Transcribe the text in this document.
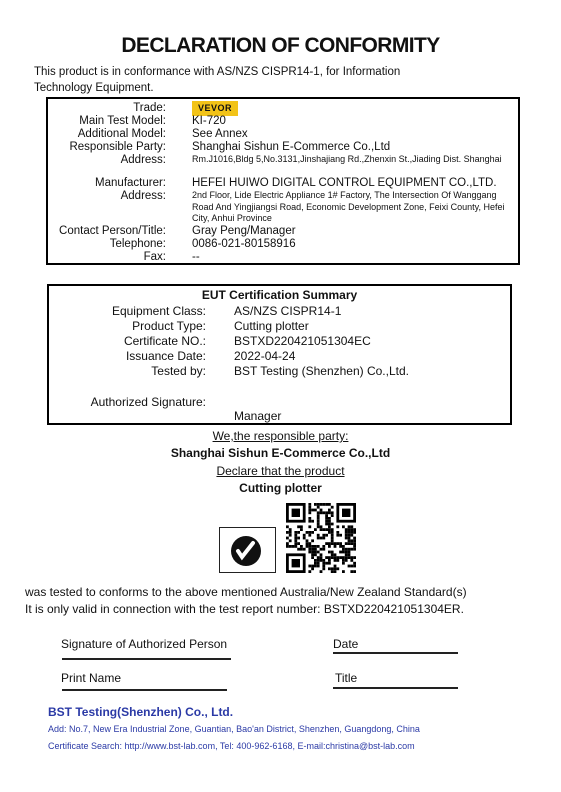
DECLARATION OF CONFORMITY
This product is in conformance with AS/NZS CISPR14-1, for Information
Technology Equipment.
Trade:	VEVOR
Main Test Model: KI-720
Additional Model: See Annex
Responsible Party: Shanghai Sishun E-Commerce Co.,Ltd
Address:	Rm.J1016,Bldg 5,No.3131,Jinshajiang Rd.,Zhenxin St.,Jiading Dist. Shanghai
Manufacturer: HEFEI HUIWO DIGITAL CONTROL EQUIPMENT CO.,LTD.
Address:	2nd Floor, Lide Electric Appliance 1# Factory, The Intersection Of Wanggang Road And Yingjiangsi Road, Economic Development Zone, Feixi County, Hefei City, Anhui Province
Contact Person/Title: Gray Peng/Manager
Telephone: 0086-021-80158916
Fax: --
EUT Certification Summary
Equipment Class: AS/NZS CISPR14-1
Product Type: Cutting plotter
Certificate NO.: BSTXD220421051304EC
Issuance Date: 2022-04-24
Tested by: BST Testing (Shenzhen) Co.,Ltd.
Authorized Signature:
Manager
We,the responsible party:
Shanghai Sishun E-Commerce Co.,Ltd
Declare that the product
Cutting plotter
was tested to conforms to the above mentioned Australia/New Zealand Standard(s)
It is only valid in connection with the test report number: BSTXD220421051304ER.
Signature of Authorized Person	Date
Print Name	Title
BST Testing(Shenzhen) Co., Ltd.
Add: No.7, New Era Industrial Zone, Guantian, Bao'an District, Shenzhen, Guangdong, China
Certificate Search: http://www.bst-lab.com, Tel: 400-962-6168, E-mail:christina@bst-lab.com
